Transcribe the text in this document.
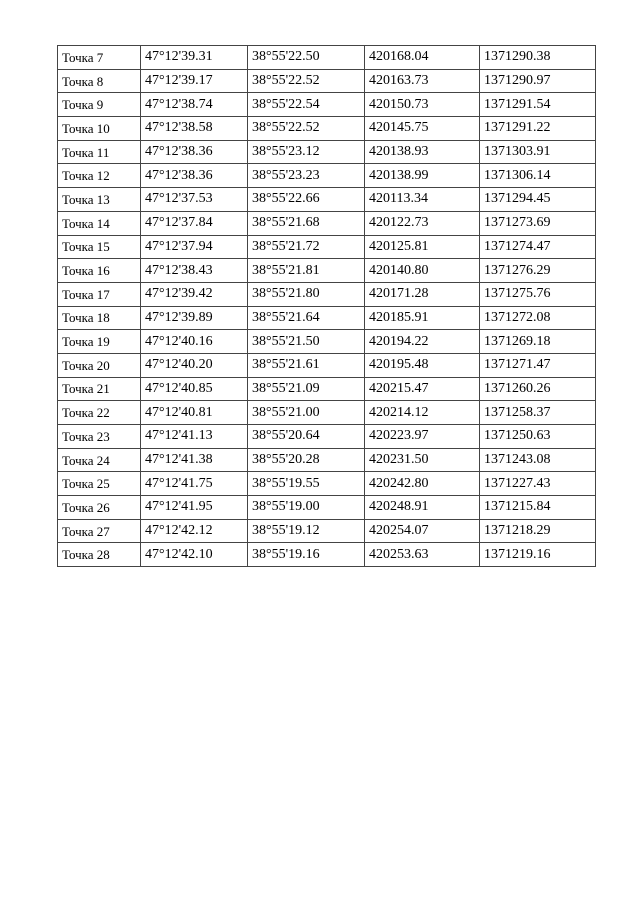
Точка 7	47°12'39.31	38°55'22.50	420168.04	1371290.38
Точка 8	47°12'39.17	38°55'22.52	420163.73	1371290.97
Точка 9	47°12'38.74	38°55'22.54	420150.73	1371291.54
Точка 10	47°12'38.58	38°55'22.52	420145.75	1371291.22
Точка 11	47°12'38.36	38°55'23.12	420138.93	1371303.91
Точка 12	47°12'38.36	38°55'23.23	420138.99	1371306.14
Точка 13	47°12'37.53	38°55'22.66	420113.34	1371294.45
Точка 14	47°12'37.84	38°55'21.68	420122.73	1371273.69
Точка 15	47°12'37.94	38°55'21.72	420125.81	1371274.47
Точка 16	47°12'38.43	38°55'21.81	420140.80	1371276.29
Точка 17	47°12'39.42	38°55'21.80	420171.28	1371275.76
Точка 18	47°12'39.89	38°55'21.64	420185.91	1371272.08
Точка 19	47°12'40.16	38°55'21.50	420194.22	1371269.18
Точка 20	47°12'40.20	38°55'21.61	420195.48	1371271.47
Точка 21	47°12'40.85	38°55'21.09	420215.47	1371260.26
Точка 22	47°12'40.81	38°55'21.00	420214.12	1371258.37
Точка 23	47°12'41.13	38°55'20.64	420223.97	1371250.63
Точка 24	47°12'41.38	38°55'20.28	420231.50	1371243.08
Точка 25	47°12'41.75	38°55'19.55	420242.80	1371227.43
Точка 26	47°12'41.95	38°55'19.00	420248.91	1371215.84
Точка 27	47°12'42.12	38°55'19.12	420254.07	1371218.29
Точка 28	47°12'42.10	38°55'19.16	420253.63	1371219.16
